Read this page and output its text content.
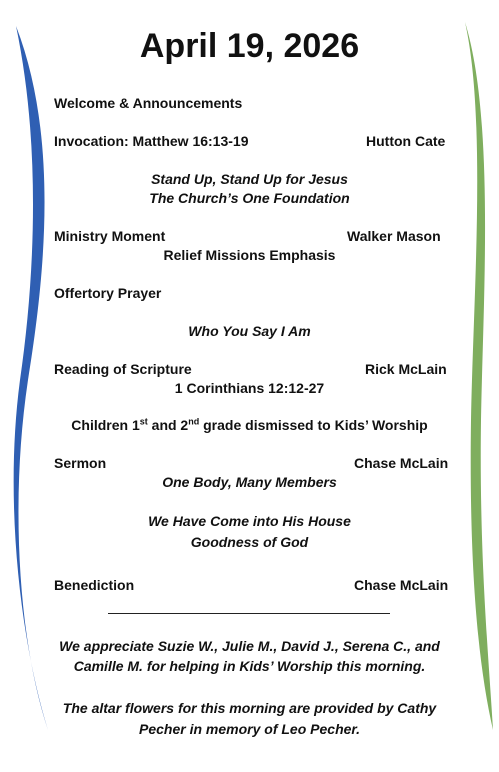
April 19, 2026
Welcome & Announcements
Invocation: Matthew 16:13-19	Hutton Cate
Stand Up, Stand Up for Jesus
The Church’s One Foundation
Ministry Moment	Walker Mason
Relief Missions Emphasis
Offertory Prayer
Who You Say I Am
Reading of Scripture	Rick McLain
1 Corinthians 12:12-27
Children 1st and 2nd grade dismissed to Kids’ Worship
Sermon	Chase McLain
One Body, Many Members
We Have Come into His House
Goodness of God
Benediction	Chase McLain
We appreciate Suzie W., Julie M., David J., Serena C., and
Camille M. for helping in Kids’ Worship this morning.
The altar flowers for this morning are provided by Cathy
Pecher in memory of Leo Pecher.
